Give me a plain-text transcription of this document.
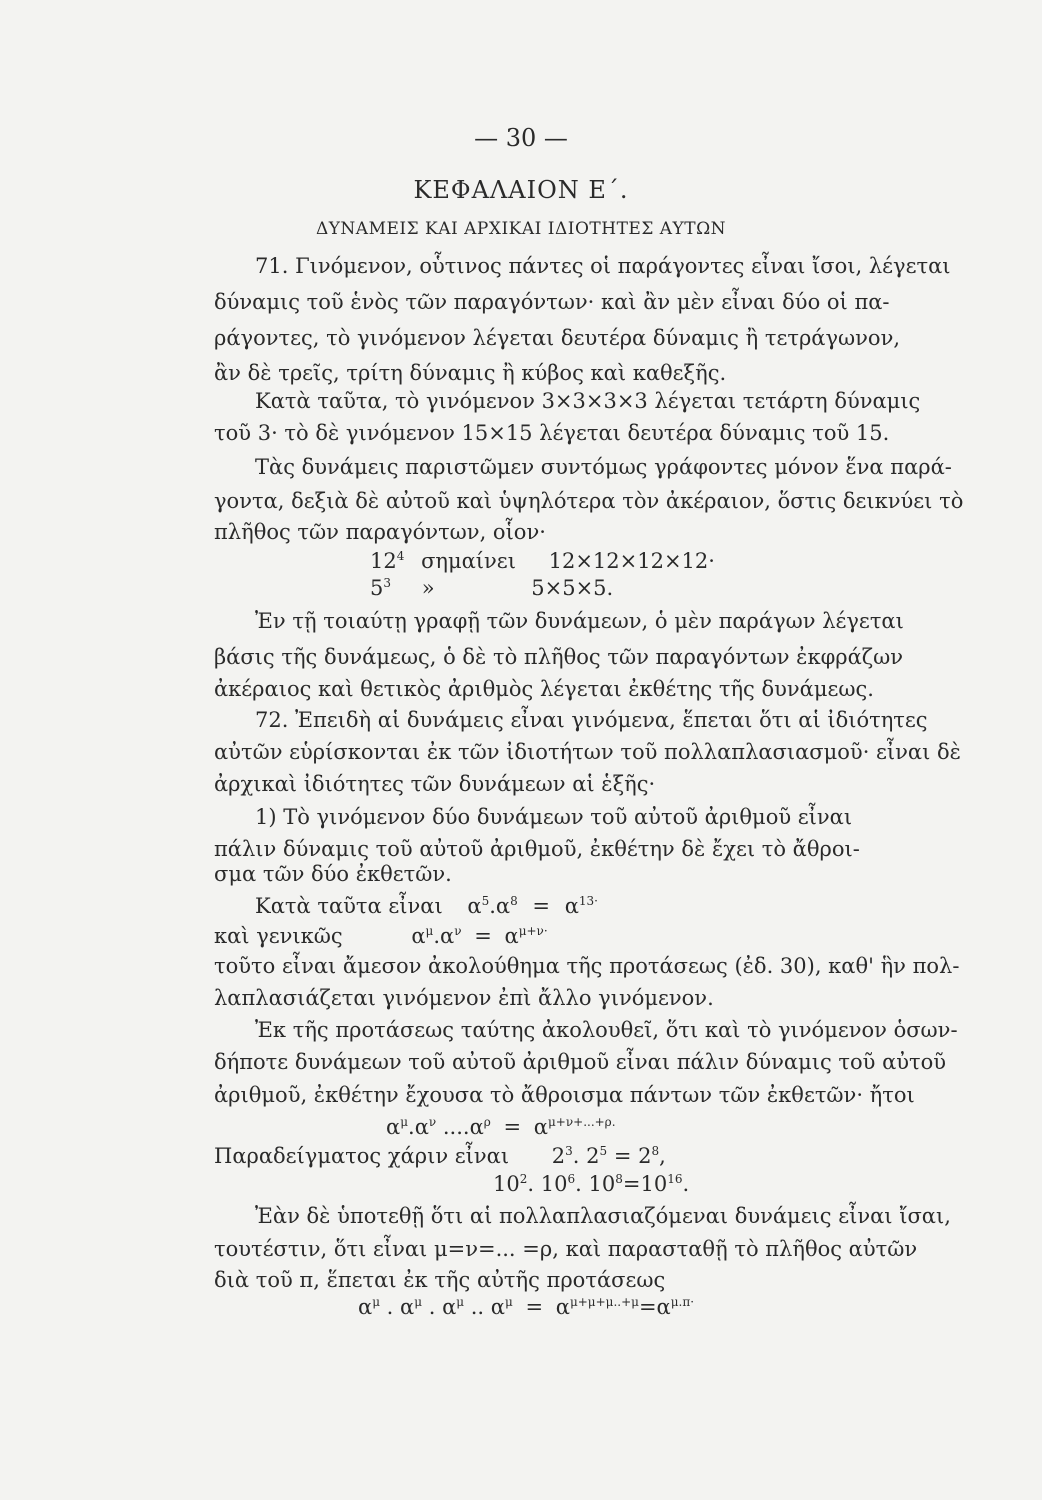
— 30 —
ΚΕΦΑΛΑΙΟΝ Ε΄.
ΔΥΝΑΜΕΙΣ ΚΑΙ ΑΡΧΙΚΑΙ ΙΔΙΟΤΗΤΕΣ ΑΥΤΩΝ
71. Γινόμενον, οὗτινος πάντες οἱ παράγοντες εἶναι ἴσοι, λέγεται
δύναμις τοῦ ἑνὸς τῶν παραγόντων· καὶ ἂν μὲν εἶναι δύο οἱ πα-
ράγοντες, τὸ γινόμενον λέγεται δευτέρα δύναμις ἢ τετράγωνον,
ἂν δὲ τρεῖς, τρίτη δύναμις ἢ κύβος καὶ καθεξῆς.
Κατὰ ταῦτα, τὸ γινόμενον 3×3×3×3 λέγεται τετάρτη δύναμις
τοῦ 3· τὸ δὲ γινόμενον 15×15 λέγεται δευτέρα δύναμις τοῦ 15.
Τὰς δυνάμεις παριστῶμεν συντόμως γράφοντες μόνον ἕνα παρά-
γοντα, δεξιὰ δὲ αὐτοῦ καὶ ὑψηλότερα τὸν ἀκέραιον, ὅστις δεικνύει τὸ
πλῆθος τῶν παραγόντων, οἷον·
$12^4$ σημαίνει 12×12×12×12·
$5^3$ »	5×5×5.
Ἐν τῇ τοιαύτῃ γραφῇ τῶν δυνάμεων, ὁ μὲν παράγων λέγεται
βάσις τῆς δυνάμεως, ὁ δὲ τὸ πλῆθος τῶν παραγόντων ἐκφράζων
ἀκέραιος καὶ θετικὸς ἀριθμὸς λέγεται ἐκθέτης τῆς δυνάμεως.
72. Ἐπειδὴ αἱ δυνάμεις εἶναι γινόμενα, ἕπεται ὅτι αἱ ἰδιότητες
αὐτῶν εὑρίσκονται ἐκ τῶν ἰδιοτήτων τοῦ πολλαπλασιασμοῦ· εἶναι δὲ
ἀρχικαὶ ἰδιότητες τῶν δυνάμεων αἱ ἑξῆς·
1) Τὸ γινόμενον δύο δυνάμεων τοῦ αὐτοῦ ἀριθμοῦ εἶναι
πάλιν δύναμις τοῦ αὐτοῦ ἀριθμοῦ, ἐκθέτην δὲ ἔχει τὸ ἄθροι-
σμα τῶν δύο ἐκθετῶν.
Κατὰ ταῦτα εἶναι $\alpha^5.\alpha^8 = \alpha^{13\cdot}$
καὶ γενικῶς	$\alpha^\mu.\alpha^\nu = \alpha^{\mu+\nu\cdot}$
τοῦτο εἶναι ἄμεσον ἀκολούθημα τῆς προτάσεως (ἐδ. 30), καθ' ἣν πολ-
λαπλασιάζεται γινόμενον ἐπὶ ἄλλο γινόμενον.
Ἐκ τῆς προτάσεως ταύτης ἀκολουθεῖ, ὅτι καὶ τὸ γινόμενον ὁσων-
δήποτε δυνάμεων τοῦ αὐτοῦ ἀριθμοῦ εἶναι πάλιν δύναμις τοῦ αὐτοῦ
ἀριθμοῦ, ἐκθέτην ἔχουσα τὸ ἄθροισμα πάντων τῶν ἐκθετῶν· ἤτοι
$\alpha^\mu.\alpha^\nu$ $....\alpha^\rho = \alpha^{\mu+\nu+...+\rho.}$
Παραδείγματος χάριν εἶναι $2^3$. $2^5 = 2^8$,
$10^2$. $10^6$. $10^8=10^{16}$.
Ἐὰν δὲ ὑποτεθῇ ὅτι αἱ πολλαπλασιαζόμεναι δυνάμεις εἶναι ἴσαι,
τουτέστιν, ὅτι εἶναι μ=ν=... =ρ, καὶ παρασταθῇ τὸ πλῆθος αὐτῶν
διὰ τοῦ π, ἕπεται ἐκ τῆς αὐτῆς προτάσεως
$\alpha^\mu$ . $\alpha^\mu$ . $\alpha^\mu$ .. $\alpha^\mu = \alpha^{\mu+\mu+\mu..+\mu}=\alpha^{\mu.\pi\cdot}$
